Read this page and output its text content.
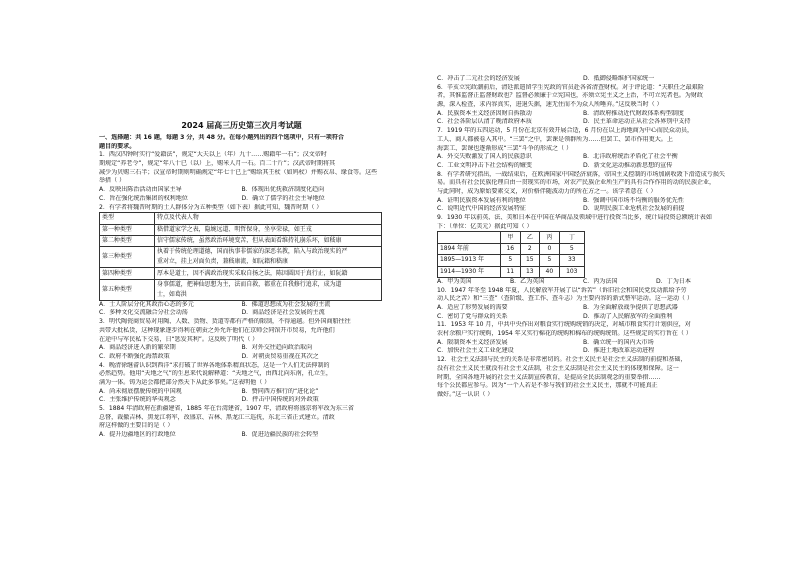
2024 届高三历史第三次月考试题
一、选择题：共 16 题，每题 3 分，共 48 分。在每小题列出的四个选项中，只有一项符合
题目的要求。
1．西汉四钟时实行“爱籍法”，规定“大夫以上（年）九十……赐籍年一石”；汉文帝时
期规定“养老令”，规定“年八十已（以）上，赐米人月一石。百二十斤”；汉武帝时期将其
减少为贝赐三石半；汉宣帝时期则明确规定“年七十已上”赐给其王杖（如鸠杖）并赐衣帛、缘食等。这些
举措（ ）
A．反映出陈治活动由国家主导	B．体现出优抚救济制度化趋向
C．旨在强化统治集团的权利地位	D．确立了儒学的社会主导地位
2．有学者将魏晋时期的士人群体分为五种类型（如下表）据此可知，魏晋时期（ ）
类型	特点及代表人物
第一种类型	嵇借道家学之表，隐婉远道、明哲保身，坐享荣禄，如王戎
第二种类型	信守儒家传统，虽然政治环境变苦，但从表面看维持礼崩乐坏，如嵇康
第三种类型	执着于传统伦理道德，国而执事非儒家的深恶名教，陷入与政治现实的严
重对立，挂上对面负责，兼嵇康流，如阮籍和嵇康

第四种类型	厚本是道士，因不满政治现实采取自扬之法，陈因圆因于真行止，如阮籍
第五种类型	身事儒道，把神仙思想为主，法而自救，都重在自我修行追求，成为道
士，如葛洪
A．士人阶层分化其政治心态的多元	B．佛道思想成为社会发展的主流
C．多种文化交流融合分社会动荡	D．商品经济是社会发展的主流
3．明代陶瓷商贸易对用陶、人数、货物、货道等都有严格的限制，不得逾越。但外国商船往往
共带大批私货，这种现象逐步得利在朝贡之外允许他们在京师会同馆开市贸易，允许他们
在途中与军民私下交易，日“惩发其利”。这反映了明代（ ）
A．商品经济进入新的繁荣期	B．对外交往趋向政治取向
C．政府不断强化海禁政策	D．对朝贡贸易重视在其次之
4．晚清徐继畬认识到西洋“求打破了世界各地体系精真状态，这是一个人们无法抑制的
必然趋势。他用“天地之气”的生息来代说解释道：“天地之气，由西北向东南，孔立生，
满为一体。铸为运会都把部分然天下从此多事矣。”这表明他（ ）
A．尚未彻底摆脱传统的中国观	B．赞同西方推行的“进化论”
C．主张维护传统的华夷观念	D．抨击中国传统的对外政策
5．1884 年清政府在新疆建省，1885 年在台湾建省，1907 年，清政府将盛京将军改为东三省
总督，裁撤吉林、黑龙江将军，改盛京、吉林、黑龙江三巡抚，东北三省正式建立。清政
府这样做的主要目的是（ ）
A．提升边疆地区的行政地位	B．促进边疆民族的社会转型
C．冲击了二元社会的经济发展	D．抵御侵略维护国家统一
6．辛亥立宪政潮前后，清廷派遣留学生宪政的官员赴各省清查财权。对于评论道：“夫职任之最艰险
者，其惟监督正监督财政也？监督必须廉于立宪国也，亦须立宪主义之上治，不可立宪者也。为财政
源，深入检查，求内容真实，进退失据，速无住而不为众人所唾弃。”这反映当时（ ）
A．民族资本主义经济因财自拆散动	B．清政府推动近代财政体系构型制度
C．社会各阶层认清了晚清政府本质	D．民主革命运动正从社会各界别中支持
7．1919 年的五四运动，5 月份在北京有效开展合适，6 月份在以上海地商为中心而民众动员，
工人、商人都被卷入其中。“三罢”之中，罢课是领群所为……但罢工、罢市作用更大。上
海罢工、罢课也逐渐形成“三罢”斗争的形成之（ ）
A．外交失败激发了国人的民族意识	B．北洋政府统治矛盾化了社会平衡
C．工业文明冲击下社会结构的嬗变	D．新文化运动推动新思想的宣传
8．有学者研究指出，一战结束后，在欧洲国家中国经济衰落，帝国主义控制的市场加剧收敛下滑造成亏损失
易。而具有社会民族伦理自由一贯现实的市场，对农产民族企业所生产的具有合作作用的动的民族企业，
与此同时，成为原始要素交叉，对价格伴随波动力的所在方之一。该学者意在（ ）
A．证明民族资本发展有利的地位	B．强调中国市场不均衡的服务优先性
C．说明近代中国的经济发展特征	D．说明民族工业危机社会发展的前提
9．1930 年以前英、法、美和日本在中国在华商品及领域中进行投资当比多，统计局投资总额统计表如
下：（单位：亿美元）据此可知（ ）
	甲	乙	丙	丁
1894 年前	16	2	0	5
1895—1913 年	5	15	5	33
1914—1930 年	11	13	40	103
A．甲为美国	B．乙为英国	C．丙为法国	D．丁为日本
10．1947 年冬至 1948 年夏，人民解放军开展了以“诉苦”（诉旧社会和国民党反动派给予劳
动人民之苦）和“三查”（查阶级、查工作、查斗志）为主要内容的新式整军运动。这一运动（ ）
A．适应了形势发展的需要	B．为全面解放战争提供了思想武器
C．密切了党与群众的关系	D．推动了人民解放军的全面胜利
11．1953 年 10 月，中共中央作出对粮食实行统购统销的决定，对城市粮食实行计划供应，对
农村余粮户实行统购，1954 年又实行棉花的统购和棉布的统购统销。这些规定的实行旨在（ ）
A．限制资本主义经济发展	B．确立统一的国内大市场
C．加快社会主义工业化建设	D．推进土地改革运动进程
12．社会主义法制与民主的关系是非常密切的。社会主义民主是社会主义法制的前提和基础，
没有社会主义民主就没有社会主义法制，社会主义法制是社会主义民主的体现和保障。这一
时期，全国各地开展的社会主义法制宣传教育，是提高全民法制观念的重要举措……
每个公民都应参与。因为“一个人若是不参与我们的社会主义民主，那就不可能真正
做好。”这一认识（ ）
